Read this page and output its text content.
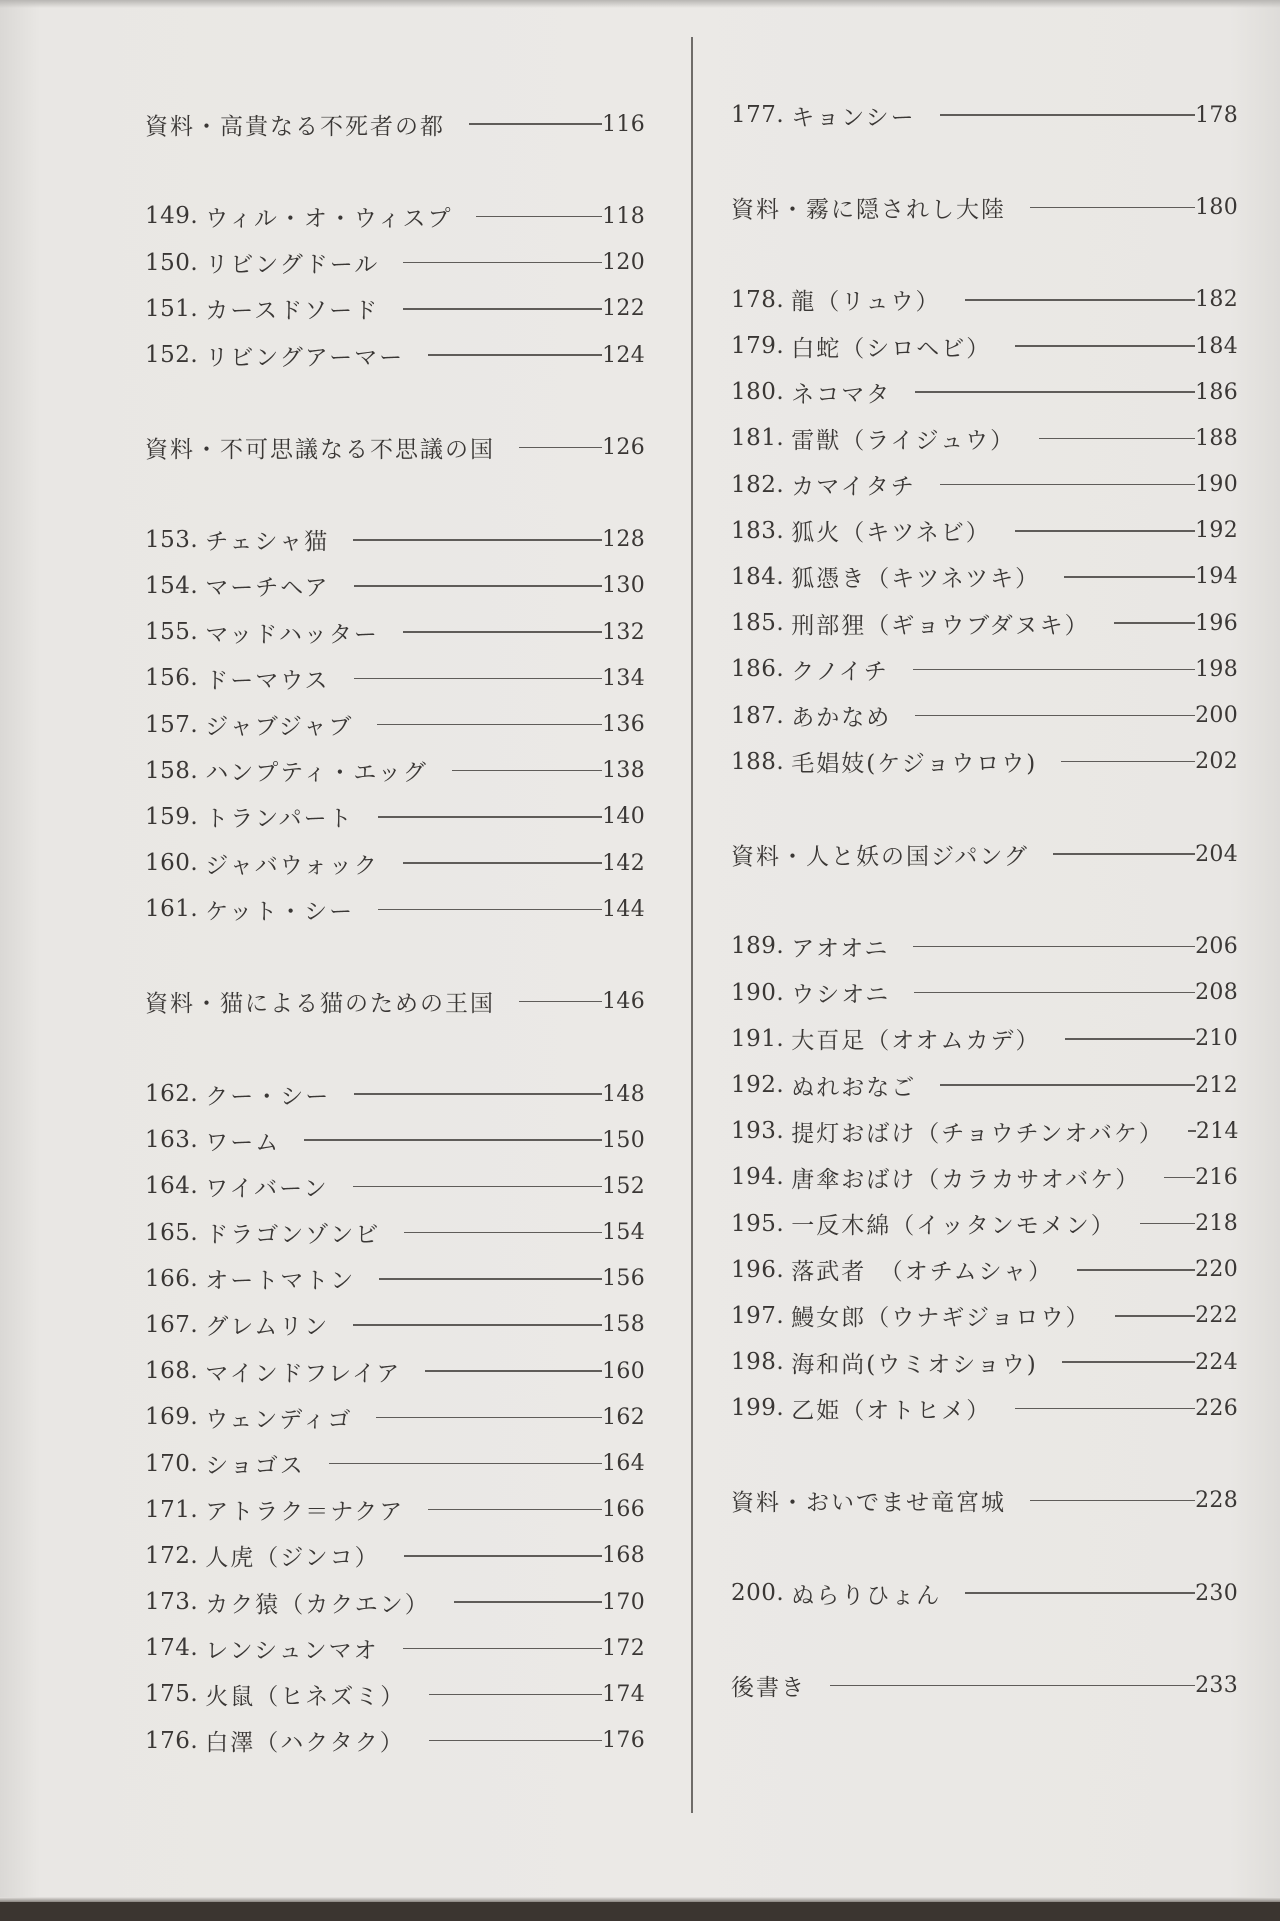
資料・高貴なる不死者の都	116
149. ウィル・オ・ウィスプ	118
150. リビングドール	120
151. カースドソード	122
152. リビングアーマー	124
資料・不可思議なる不思議の国	126
153. チェシャ猫	128
154. マーチヘア	130
155. マッドハッター	132
156. ドーマウス	134
157. ジャブジャブ	136
158. ハンプティ・エッグ	138
159. トランパート	140
160. ジャバウォック	142
161. ケット・シー	144
資料・猫による猫のための王国	146
162. クー・シー	148
163. ワーム	150
164. ワイバーン	152
165. ドラゴンゾンビ	154
166. オートマトン	156
167. グレムリン	158
168. マインドフレイア	160
169. ウェンディゴ	162
170. ショゴス	164
171. アトラク＝ナクア	166
172. 人虎（ジンコ）	168
173. カク猿（カクエン）	170
174. レンシュンマオ	172
175. 火鼠（ヒネズミ）	174
176. 白澤（ハクタク）	176
177. キョンシー	178
資料・霧に隠されし大陸	180
178. 龍（リュウ）	182
179. 白蛇（シロヘビ）	184
180. ネコマタ	186
181. 雷獣（ライジュウ）	188
182. カマイタチ	190
183. 狐火（キツネビ）	192
184. 狐憑き（キツネツキ）	194
185. 刑部狸（ギョウブダヌキ）	196
186. クノイチ	198
187. あかなめ	200
188. 毛娼妓(ケジョウロウ)	202
資料・人と妖の国ジパング	204
189. アオオニ	206
190. ウシオニ	208
191. 大百足（オオムカデ）	210
192. ぬれおなご	212
193. 提灯おばけ（チョウチンオバケ） 214
194. 唐傘おばけ（カラカサオバケ） 216
195. 一反木綿（イッタンモメン）	218
196. 落武者　（オチムシャ）	220
197. 鰻女郎（ウナギジョロウ）	222
198. 海和尚(ウミオショウ)	224
199. 乙姫（オトヒメ）	226
資料・おいでませ竜宮城	228
200. ぬらりひょん	230
後書き	233
